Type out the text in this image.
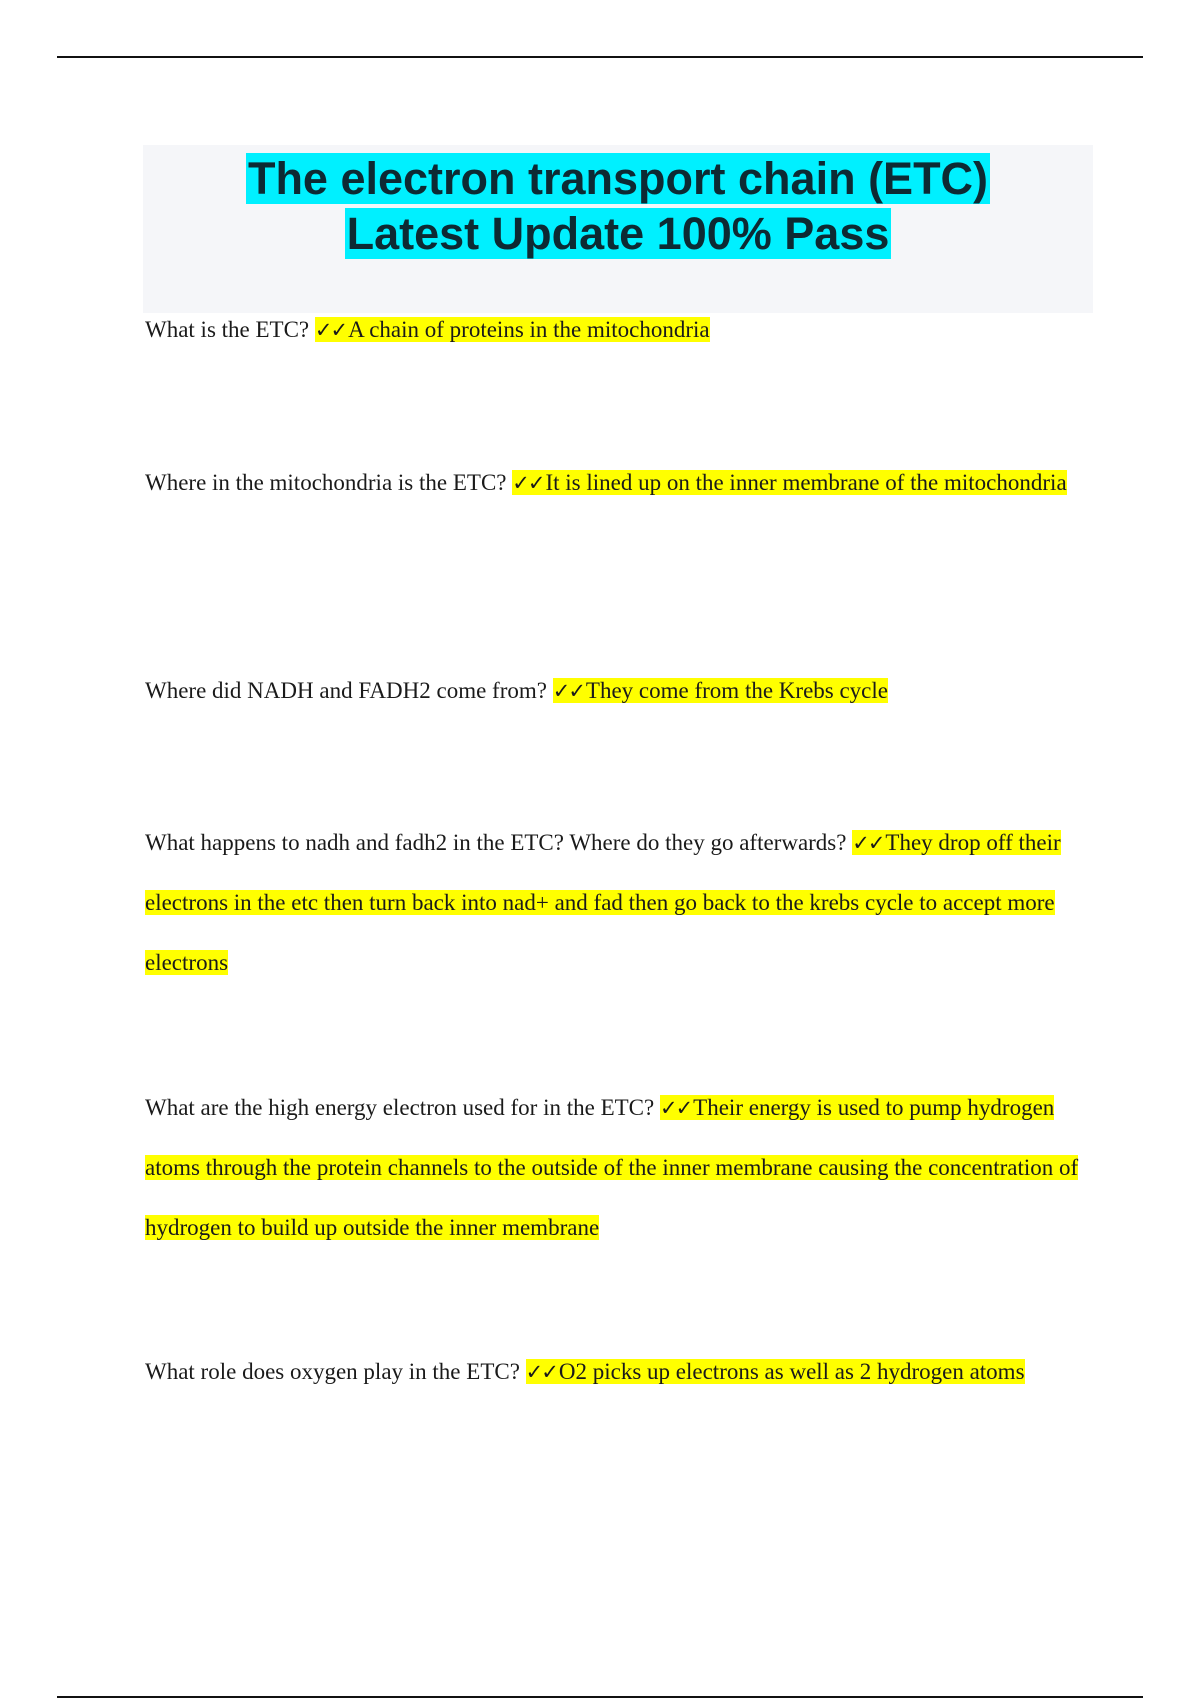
The electron transport chain (ETC)
Latest Update 100% Pass
What is the ETC? ✓✓A chain of proteins in the mitochondria
Where in the mitochondria is the ETC? ✓✓It is lined up on the inner membrane of the mitochondria
Where did NADH and FADH2 come from? ✓✓They come from the Krebs cycle
What happens to nadh and fadh2 in the ETC? Where do they go afterwards? ✓✓They drop off their electrons in the etc then turn back into nad+ and fad then go back to the krebs cycle to accept more electrons
What are the high energy electron used for in the ETC? ✓✓Their energy is used to pump hydrogen atoms through the protein channels to the outside of the inner membrane causing the concentration of hydrogen to build up outside the inner membrane
What role does oxygen play in the ETC? ✓✓O2 picks up electrons as well as 2 hydrogen atoms
